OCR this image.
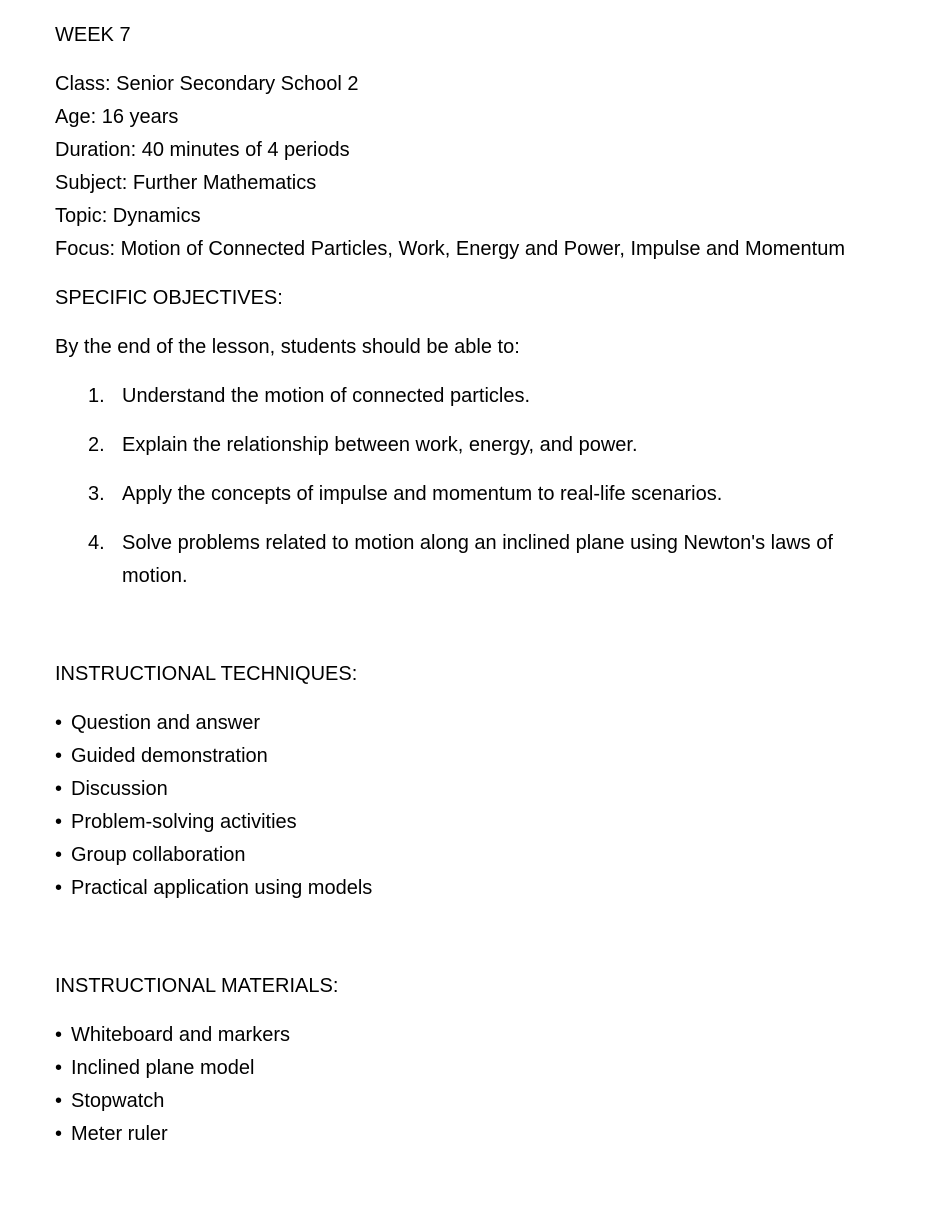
WEEK 7

Class: Senior Secondary School 2
Age: 16 years
Duration: 40 minutes of 4 periods
Subject: Further Mathematics
Topic: Dynamics
Focus: Motion of Connected Particles, Work, Energy and Power, Impulse and Momentum

SPECIFIC OBJECTIVES:

By the end of the lesson, students should be able to:

1. Understand the motion of connected particles.
2. Explain the relationship between work, energy, and power.
3. Apply the concepts of impulse and momentum to real-life scenarios.
4. Solve problems related to motion along an inclined plane using Newton's laws of motion.

INSTRUCTIONAL TECHNIQUES:

• Question and answer
• Guided demonstration
• Discussion
• Problem-solving activities
• Group collaboration
• Practical application using models

INSTRUCTIONAL MATERIALS:

• Whiteboard and markers
• Inclined plane model
• Stopwatch
• Meter ruler
